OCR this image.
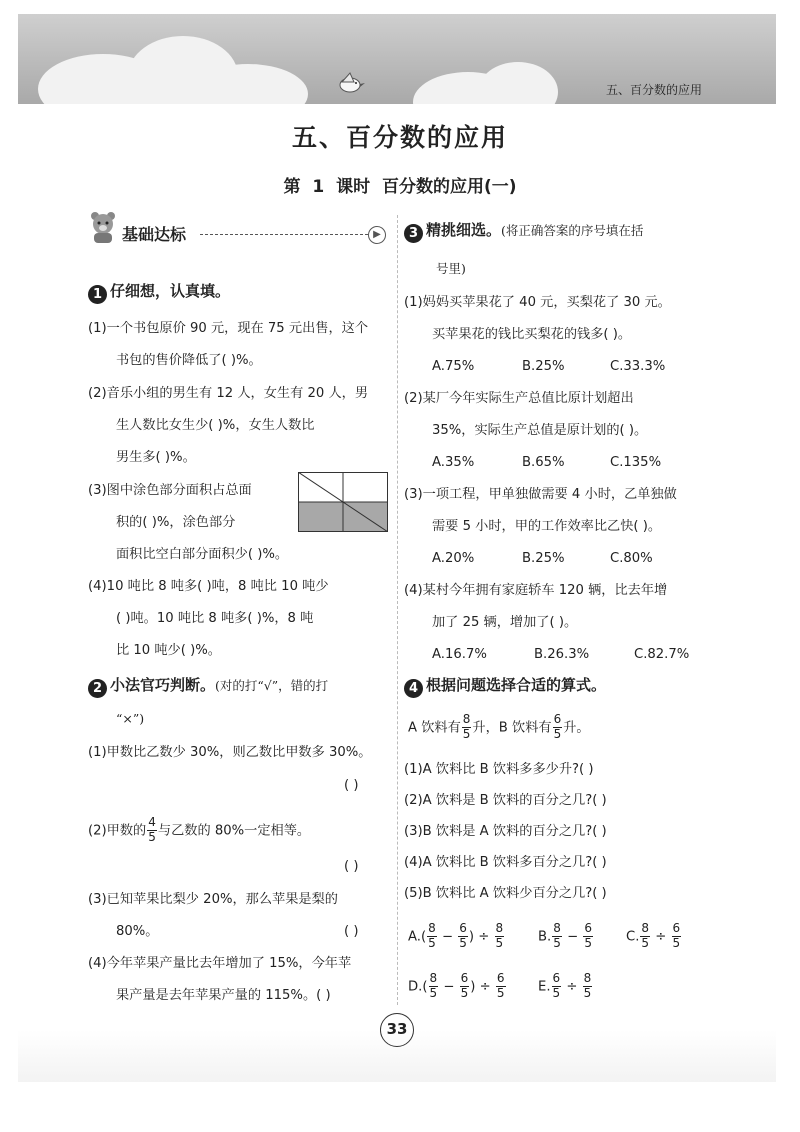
五、百分数的应用
五、百分数的应用
第 1 课时 百分数的应用(一)
基础达标	▶
1 仔细想，认真填。
(1)一个书包原价 90 元，现在 75 元出售，这个
书包的售价降低了( )%。
(2)音乐小组的男生有 12 人，女生有 20 人，男
生人数比女生少( )%，女生人数比
男生多( )%。
(3)图中涂色部分面积占总面
积的( )%，涂色部分
面积比空白部分面积少( )%。
(4)10 吨比 8 吨多( )吨，8 吨比 10 吨少
( )吨。10 吨比 8 吨多( )%，8 吨
比 10 吨少( )%。
2 小法官巧判断。(对的打“√”，错的打
“×”)
(1)甲数比乙数少 30%，则乙数比甲数多 30%。
( )
(2)甲数的 $\frac{4}{5}$ 与乙数的 80%一定相等。
( )
(3)已知苹果比梨少 20%，那么苹果是梨的
80%。	( )
(4)今年苹果产量比去年增加了 15%，今年苹
果产量是去年苹果产量的 115%。( )
3 精挑细选。(将正确答案的序号填在括
号里)
(1)妈妈买苹果花了 40 元，买梨花了 30 元。
买苹果花的钱比买梨花的钱多( )。
A.75%	B.25%	C.33.3%
(2)某厂今年实际生产总值比原计划超出
35%，实际生产总值是原计划的( )。
A.35%	B.65%	C.135%
(3)一项工程，甲单独做需要 4 小时，乙单独做
需要 5 小时，甲的工作效率比乙快( )。
A.20%	B.25%	C.80%
(4)某村今年拥有家庭轿车 120 辆，比去年增
加了 25 辆，增加了( )。
A.16.7%	B.26.3%	C.82.7%
4 根据问题选择合适的算式。
A 饮料有 $\frac{8}{5}$ 升，B 饮料有 $\frac{6}{5}$ 升。
(1)A 饮料比 B 饮料多多少升?( )
(2)A 饮料是 B 饮料的百分之几?( )
(3)B 饮料是 A 饮料的百分之几?( )
(4)A 饮料比 B 饮料多百分之几?( )
(5)B 饮料比 A 饮料少百分之几?( )
$A.( \frac{8}{5} - \frac{6}{5}$ ) ÷ $\frac{8}{5}$	B. $\frac{8}{5} - \frac{6}{5}$	C. $\frac{8}{5} \div \frac{6}{5}$
$D.( \frac{8}{5} - \frac{6}{5}$ ) ÷ $\frac{6}{5} E$. $\frac{6}{5} \div \frac{8}{5}$
33
